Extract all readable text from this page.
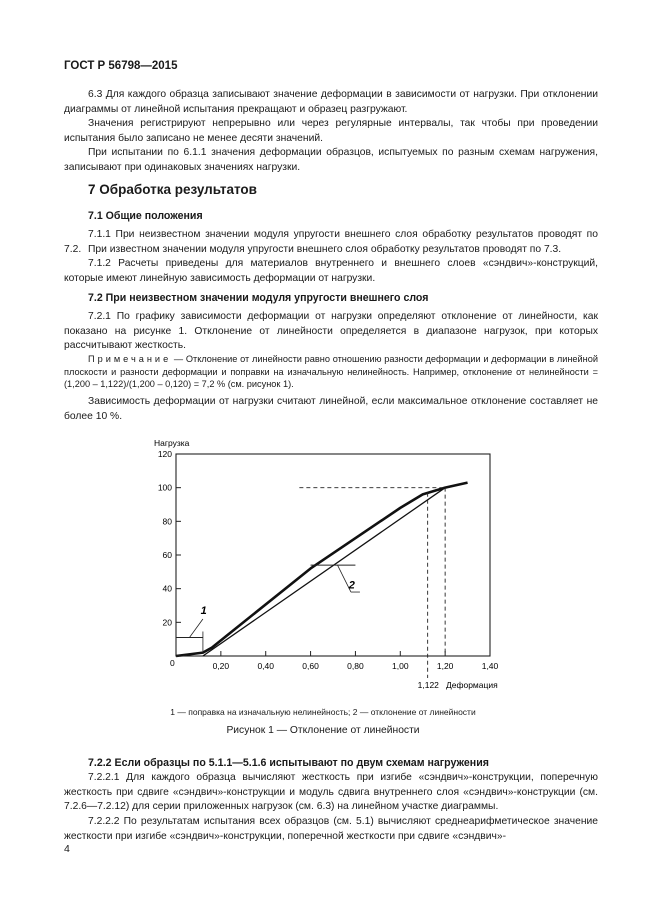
ГОСТ Р 56798—2015

6.3 Для каждого образца записывают значение деформации в зависимости от нагрузки. При отклонении диаграммы от линейной испытания прекращают и образец разгружают.

Значения регистрируют непрерывно или через регулярные интервалы, так чтобы при проведении испытания было записано не менее десяти значений.

При испытании по 6.1.1 значения деформации образцов, испытуемых по разным схемам нагружения, записывают при одинаковых значениях нагрузки.

7 Обработка результатов
7.1 Общие положения

7.1.1 При неизвестном значении модуля упругости внешнего слоя обработку результатов проводят по 7.2. При известном значении модуля упругости внешнего слоя обработку результатов проводят по 7.3.

7.1.2 Расчеты приведены для материалов внутреннего и внешнего слоев «сэндвич»-конструкций, которые имеют линейную зависимость деформации от нагрузки.

7.2 При неизвестном значении модуля упругости внешнего слоя

7.2.1 По графику зависимости деформации от нагрузки определяют отклонение от линейности, как показано на рисунке 1. Отклонение от линейности определяется в диапазоне нагрузок, при которых рассчитывают жесткость.

Примечание — Отклонение от линейности равно отношению разности деформации и деформации в линейной плоскости и разности деформации и поправки на изначальную нелинейность. Например, отклонение от нелинейности = (1,200 – 1,122)/(1,200 – 0,120) = 7,2 % (см. рисунок 1).

Зависимость деформации от нагрузки считают линейной, если максимальное отклонение составляет не более 10 %.

Нагрузка
Деформация
0
20
40
60
80
100
120
0,20	0,40	0,60	0,80	1,00	1,20	1,40
1,122
1
2
1 — поправка на изначальную нелинейность; 2 — отклонение от линейности
Рисунок 1 — Отклонение от линейности
7.2.2 Если образцы по 5.1.1—5.1.6 испытывают по двум схемам нагружения

7.2.2.1 Для каждого образца вычисляют жесткость при изгибе «сэндвич»-конструкции, поперечную жесткость при сдвиге «сэндвич»-конструкции и модуль сдвига внутреннего слоя «сэндвич»-конструкции (см. 7.2.6—7.2.12) для серии приложенных нагрузок (см. 6.3) на линейном участке диаграммы.

7.2.2.2 По результатам испытания всех образцов (см. 5.1) вычисляют среднеарифметическое значение жесткости при изгибе «сэндвич»-конструкции, поперечной жесткости при сдвиге «сэндвич»-

4
